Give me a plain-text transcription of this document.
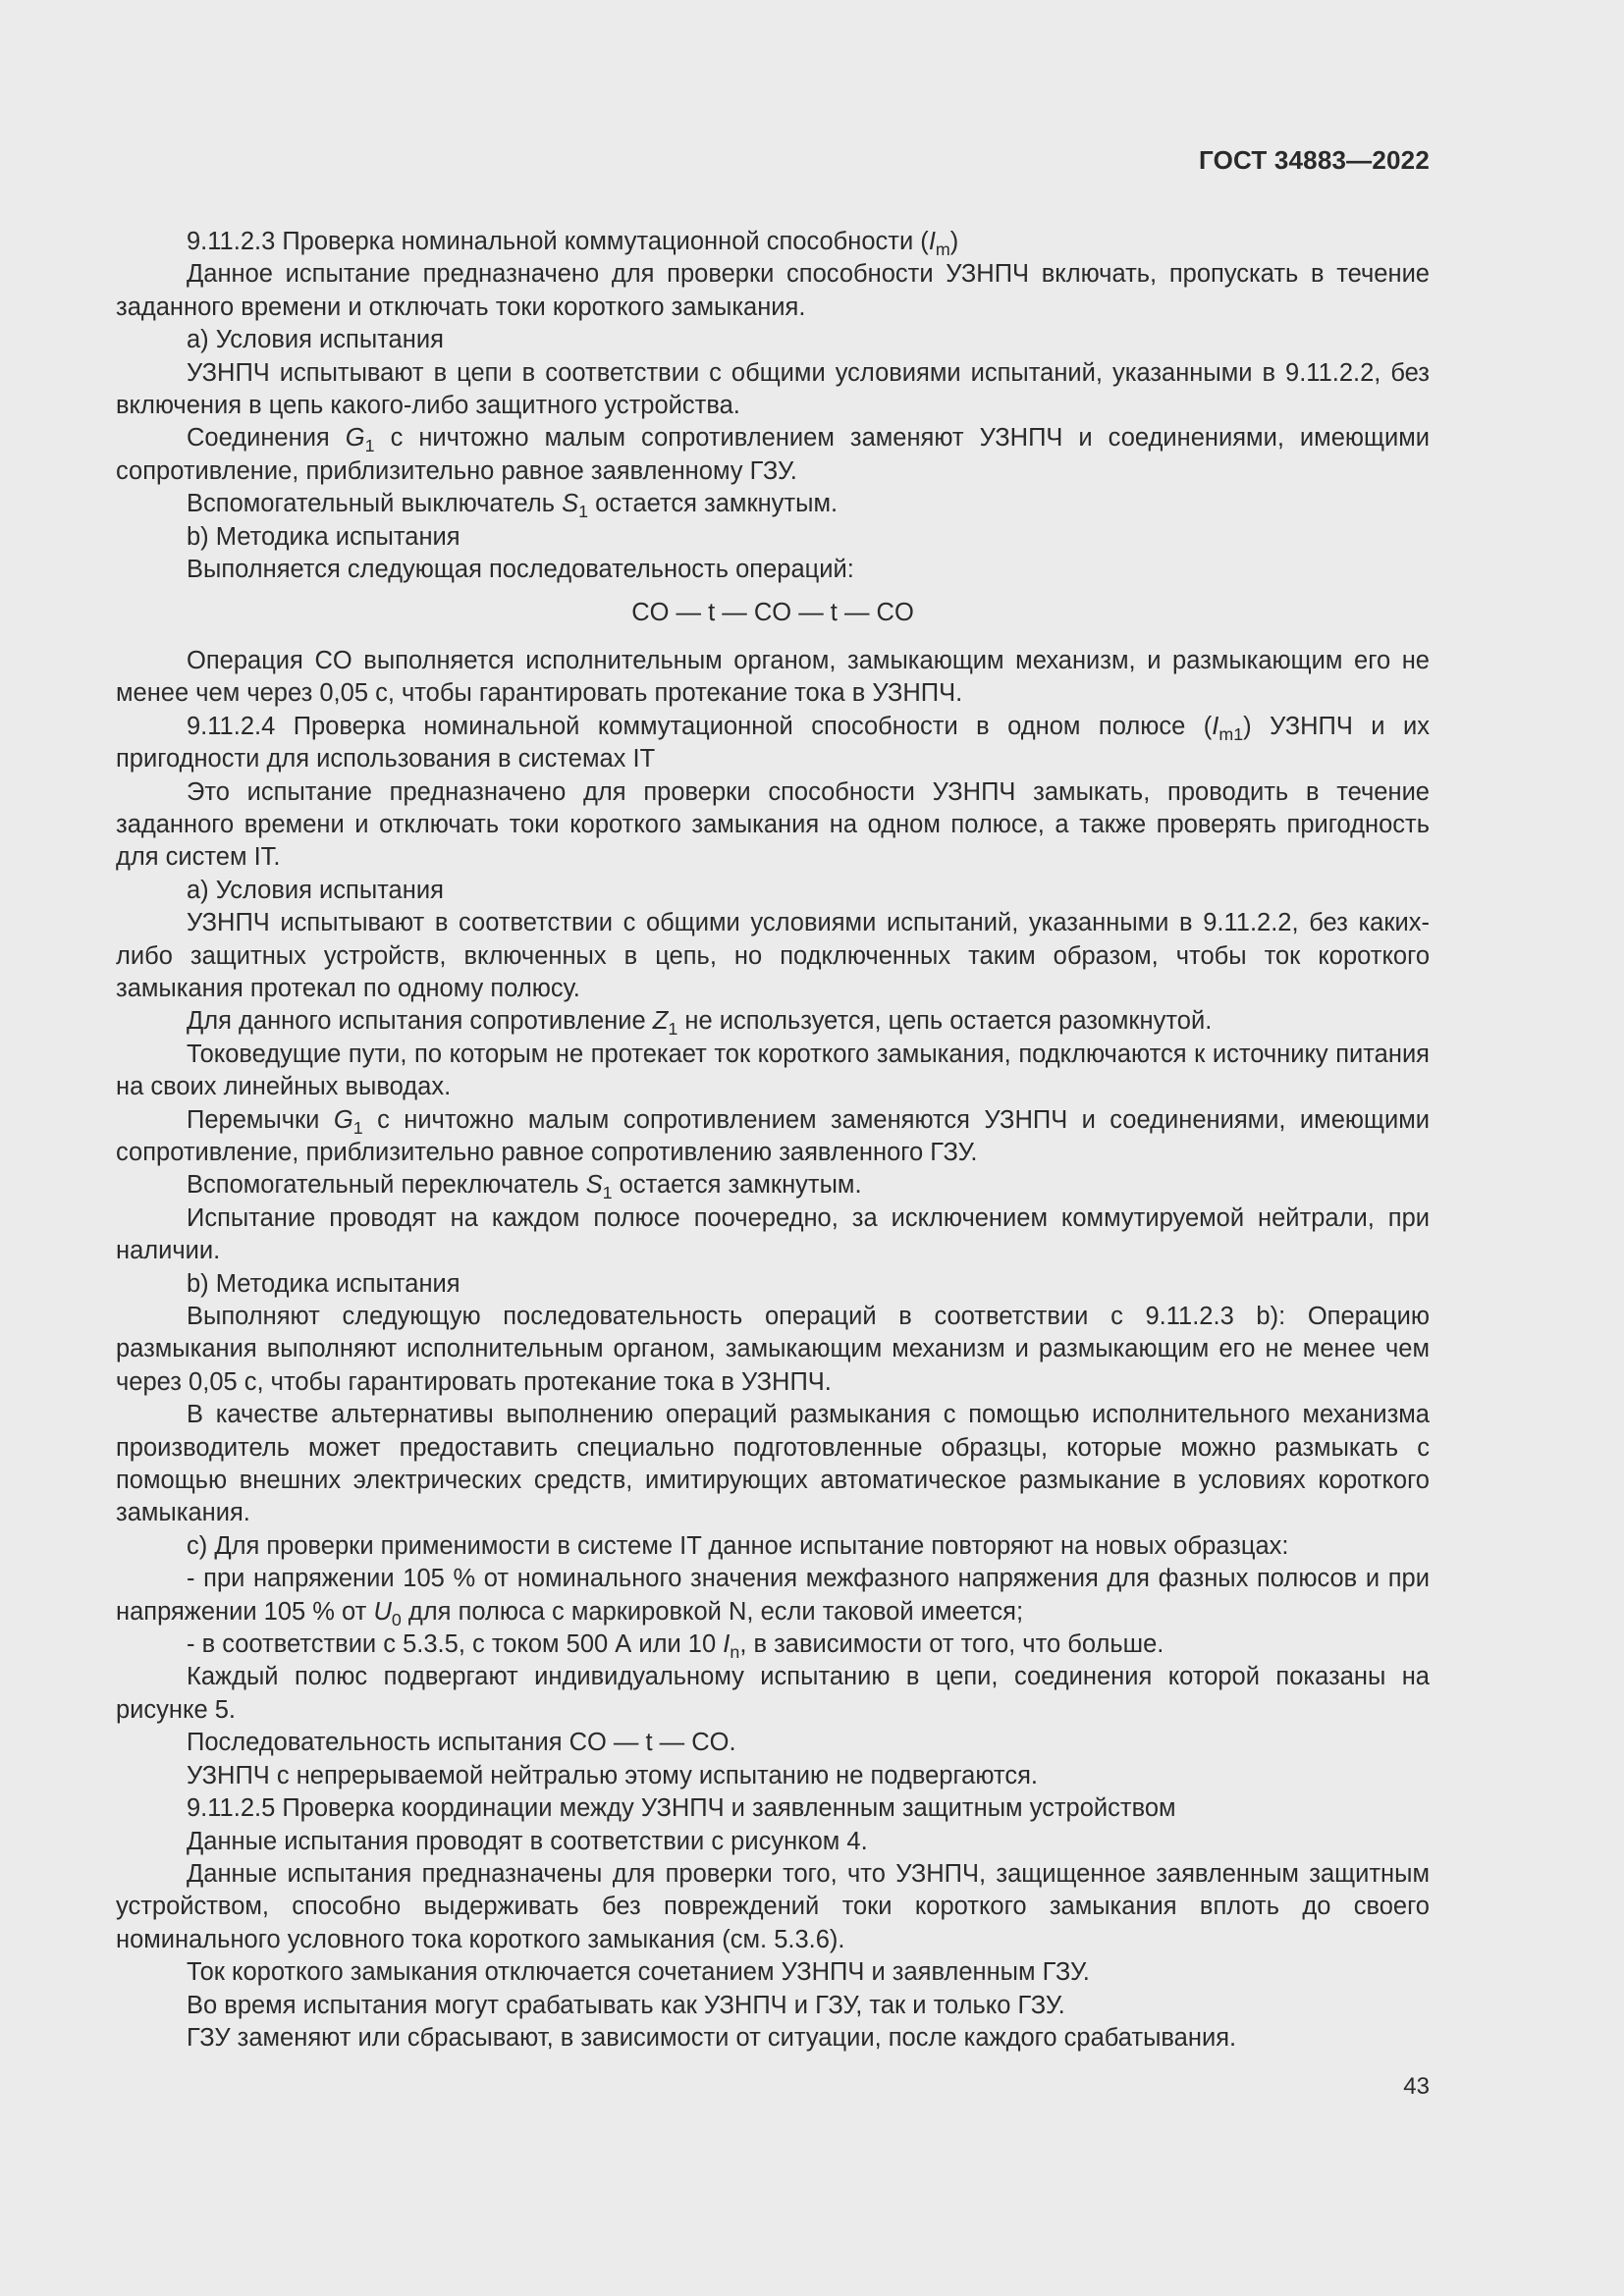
ГОСТ 34883—2022

9.11.2.3 Проверка номинальной коммутационной способности $(I_m)$

Данное испытание предназначено для проверки способности УЗНПЧ включать, пропускать в течение заданного времени и отключать токи короткого замыкания.

a) Условия испытания

УЗНПЧ испытывают в цепи в соответствии с общими условиями испытаний, указанными в 9.11.2.2, без включения в цепь какого-либо защитного устройства.

Соединения $G_1$ с ничтожно малым сопротивлением заменяют УЗНПЧ и соединениями, имеющими сопротивление, приблизительно равное заявленному ГЗУ.

Вспомогательный выключатель $S_1$ остается замкнутым.

b) Методика испытания

Выполняется следующая последовательность операций:

CO — t — CO — t — CO

Операция CO выполняется исполнительным органом, замыкающим механизм, и размыкающим его не менее чем через 0,05 с, чтобы гарантировать протекание тока в УЗНПЧ.

9.11.2.4 Проверка номинальной коммутационной способности в одном полюсе $(I_{m1})$ УЗНПЧ и их пригодности для использования в системах IT

Это испытание предназначено для проверки способности УЗНПЧ замыкать, проводить в течение заданного времени и отключать токи короткого замыкания на одном полюсе, а также проверять пригодность для систем IT.

a) Условия испытания

УЗНПЧ испытывают в соответствии с общими условиями испытаний, указанными в 9.11.2.2, без каких-либо защитных устройств, включенных в цепь, но подключенных таким образом, чтобы ток короткого замыкания протекал по одному полюсу.

Для данного испытания сопротивление $Z_1$ не используется, цепь остается разомкнутой.

Токоведущие пути, по которым не протекает ток короткого замыкания, подключаются к источнику питания на своих линейных выводах.

Перемычки $G_1$ с ничтожно малым сопротивлением заменяются УЗНПЧ и соединениями, имеющими сопротивление, приблизительно равное сопротивлению заявленного ГЗУ.

Вспомогательный переключатель $S_1$ остается замкнутым.

Испытание проводят на каждом полюсе поочередно, за исключением коммутируемой нейтрали, при наличии.

b) Методика испытания

Выполняют следующую последовательность операций в соответствии с 9.11.2.3 b): Операцию размыкания выполняют исполнительным органом, замыкающим механизм и размыкающим его не менее чем через 0,05 с, чтобы гарантировать протекание тока в УЗНПЧ.

В качестве альтернативы выполнению операций размыкания с помощью исполнительного механизма производитель может предоставить специально подготовленные образцы, которые можно размыкать с помощью внешних электрических средств, имитирующих автоматическое размыкание в условиях короткого замыкания.

c) Для проверки применимости в системе IT данное испытание повторяют на новых образцах:

- при напряжении 105 % от номинального значения межфазного напряжения для фазных полюсов и при напряжении 105 % от $U_0$ для полюса с маркировкой N, если таковой имеется;

- в соответствии с 5.3.5, с током 500 А или 10 $I_n$, в зависимости от того, что больше.

Каждый полюс подвергают индивидуальному испытанию в цепи, соединения которой показаны на рисунке 5.

Последовательность испытания CO — t — CO.

УЗНПЧ с непрерываемой нейтралью этому испытанию не подвергаются.

9.11.2.5 Проверка координации между УЗНПЧ и заявленным защитным устройством

Данные испытания проводят в соответствии с рисунком 4.

Данные испытания предназначены для проверки того, что УЗНПЧ, защищенное заявленным защитным устройством, способно выдерживать без повреждений токи короткого замыкания вплоть до своего номинального условного тока короткого замыкания (см. 5.3.6).

Ток короткого замыкания отключается сочетанием УЗНПЧ и заявленным ГЗУ.

Во время испытания могут срабатывать как УЗНПЧ и ГЗУ, так и только ГЗУ.

ГЗУ заменяют или сбрасывают, в зависимости от ситуации, после каждого срабатывания.

43
